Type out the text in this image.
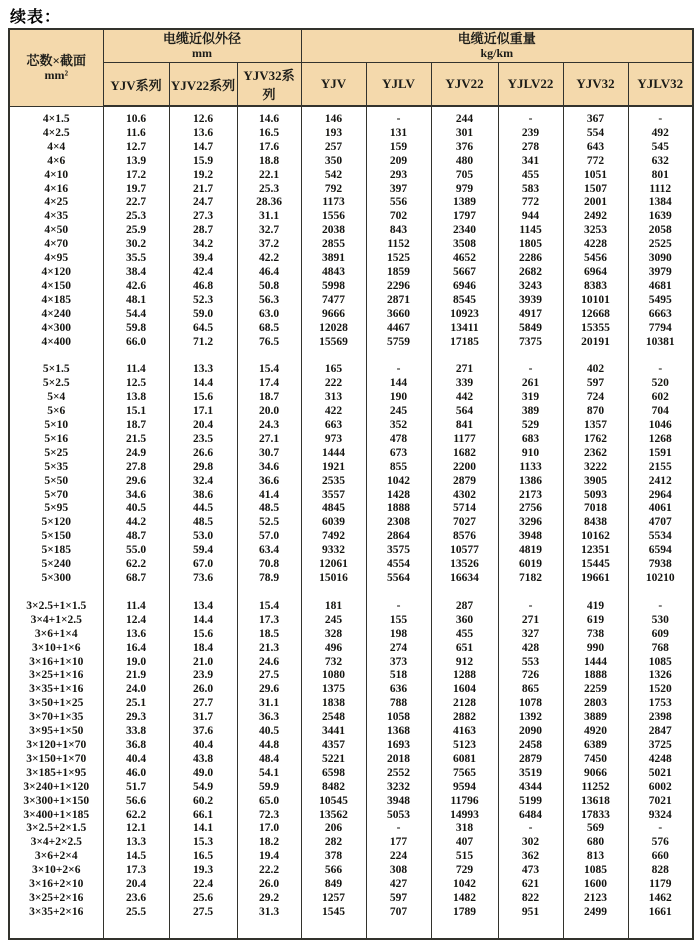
续表：
芯数×截面
mm²

电缆近似外径
mm

电缆近似重量
kg/km

	YJV系列	YJV22系列	YJV32系列	YJV	YJLV	YJV22	YJLV22	YJV32	YJLV32

4×1.5	10.6	12.6	14.6	146	-	244	-	367	-
4×2.5	11.6	13.6	16.5	193	131	301	239	554	492
4×4	12.7	14.7	17.6	257	159	376	278	643	545
4×6	13.9	15.9	18.8	350	209	480	341	772	632
4×10	17.2	19.2	22.1	542	293	705	455	1051	801
4×16	19.7	21.7	25.3	792	397	979	583	1507	1112
4×25	22.7	24.7	28.36	1173	556	1389	772	2001	1384
4×35	25.3	27.3	31.1	1556	702	1797	944	2492	1639
4×50	25.9	28.7	32.7	2038	843	2340	1145	3253	2058
4×70	30.2	34.2	37.2	2855	1152	3508	1805	4228	2525
4×95	35.5	39.4	42.2	3891	1525	4652	2286	5456	3090
4×120	38.4	42.4	46.4	4843	1859	5667	2682	6964	3979
4×150	42.6	46.8	50.8	5998	2296	6946	3243	8383	4681
4×185	48.1	52.3	56.3	7477	2871	8545	3939	10101	5495
4×240	54.4	59.0	63.0	9666	3660	10923	4917	12668	6663
4×300	59.8	64.5	68.5	12028	4467	13411	5849	15355	7794
4×400	66.0	71.2	76.5	15569	5759	17185	7375	20191	10381

5×1.5	11.4	13.3	15.4	165	-	271	-	402	-
5×2.5	12.5	14.4	17.4	222	144	339	261	597	520
5×4	13.8	15.6	18.7	313	190	442	319	724	602
5×6	15.1	17.1	20.0	422	245	564	389	870	704
5×10	18.7	20.4	24.3	663	352	841	529	1357	1046
5×16	21.5	23.5	27.1	973	478	1177	683	1762	1268
5×25	24.9	26.6	30.7	1444	673	1682	910	2362	1591
5×35	27.8	29.8	34.6	1921	855	2200	1133	3222	2155
5×50	29.6	32.4	36.6	2535	1042	2879	1386	3905	2412
5×70	34.6	38.6	41.4	3557	1428	4302	2173	5093	2964
5×95	40.5	44.5	48.5	4845	1888	5714	2756	7018	4061
5×120	44.2	48.5	52.5	6039	2308	7027	3296	8438	4707
5×150	48.7	53.0	57.0	7492	2864	8576	3948	10162	5534
5×185	55.0	59.4	63.4	9332	3575	10577	4819	12351	6594
5×240	62.2	67.0	70.8	12061	4554	13526	6019	15445	7938
5×300	68.7	73.6	78.9	15016	5564	16634	7182	19661	10210

3×2.5+1×1.5	11.4	13.4	15.4	181	-	287	-	419	-
3×4+1×2.5	12.4	14.4	17.3	245	155	360	271	619	530
3×6+1×4	13.6	15.6	18.5	328	198	455	327	738	609
3×10+1×6	16.4	18.4	21.3	496	274	651	428	990	768
3×16+1×10	19.0	21.0	24.6	732	373	912	553	1444	1085
3×25+1×16	21.9	23.9	27.5	1080	518	1288	726	1888	1326
3×35+1×16	24.0	26.0	29.6	1375	636	1604	865	2259	1520
3×50+1×25	25.1	27.7	31.1	1838	788	2128	1078	2803	1753
3×70+1×35	29.3	31.7	36.3	2548	1058	2882	1392	3889	2398
3×95+1×50	33.8	37.6	40.5	3441	1368	4163	2090	4920	2847
3×120+1×70	36.8	40.4	44.8	4357	1693	5123	2458	6389	3725
3×150+1×70	40.4	43.8	48.4	5221	2018	6081	2879	7450	4248
3×185+1×95	46.0	49.0	54.1	6598	2552	7565	3519	9066	5021
3×240+1×120	51.7	54.9	59.9	8482	3232	9594	4344	11252	6002
3×300+1×150	56.6	60.2	65.0	10545	3948	11796	5199	13618	7021
3×400+1×185	62.2	66.1	72.3	13562	5053	14993	6484	17833	9324
3×2.5+2×1.5	12.1	14.1	17.0	206	-	318	-	569	-
3×4+2×2.5	13.3	15.3	18.2	282	177	407	302	680	576
3×6+2×4	14.5	16.5	19.4	378	224	515	362	813	660
3×10+2×6	17.3	19.3	22.2	566	308	729	473	1085	828
3×16+2×10	20.4	22.4	26.0	849	427	1042	621	1600	1179
3×25+2×16	23.6	25.6	29.2	1257	597	1482	822	2123	1462
3×35+2×16	25.5	27.5	31.3	1545	707	1789	951	2499	1661
